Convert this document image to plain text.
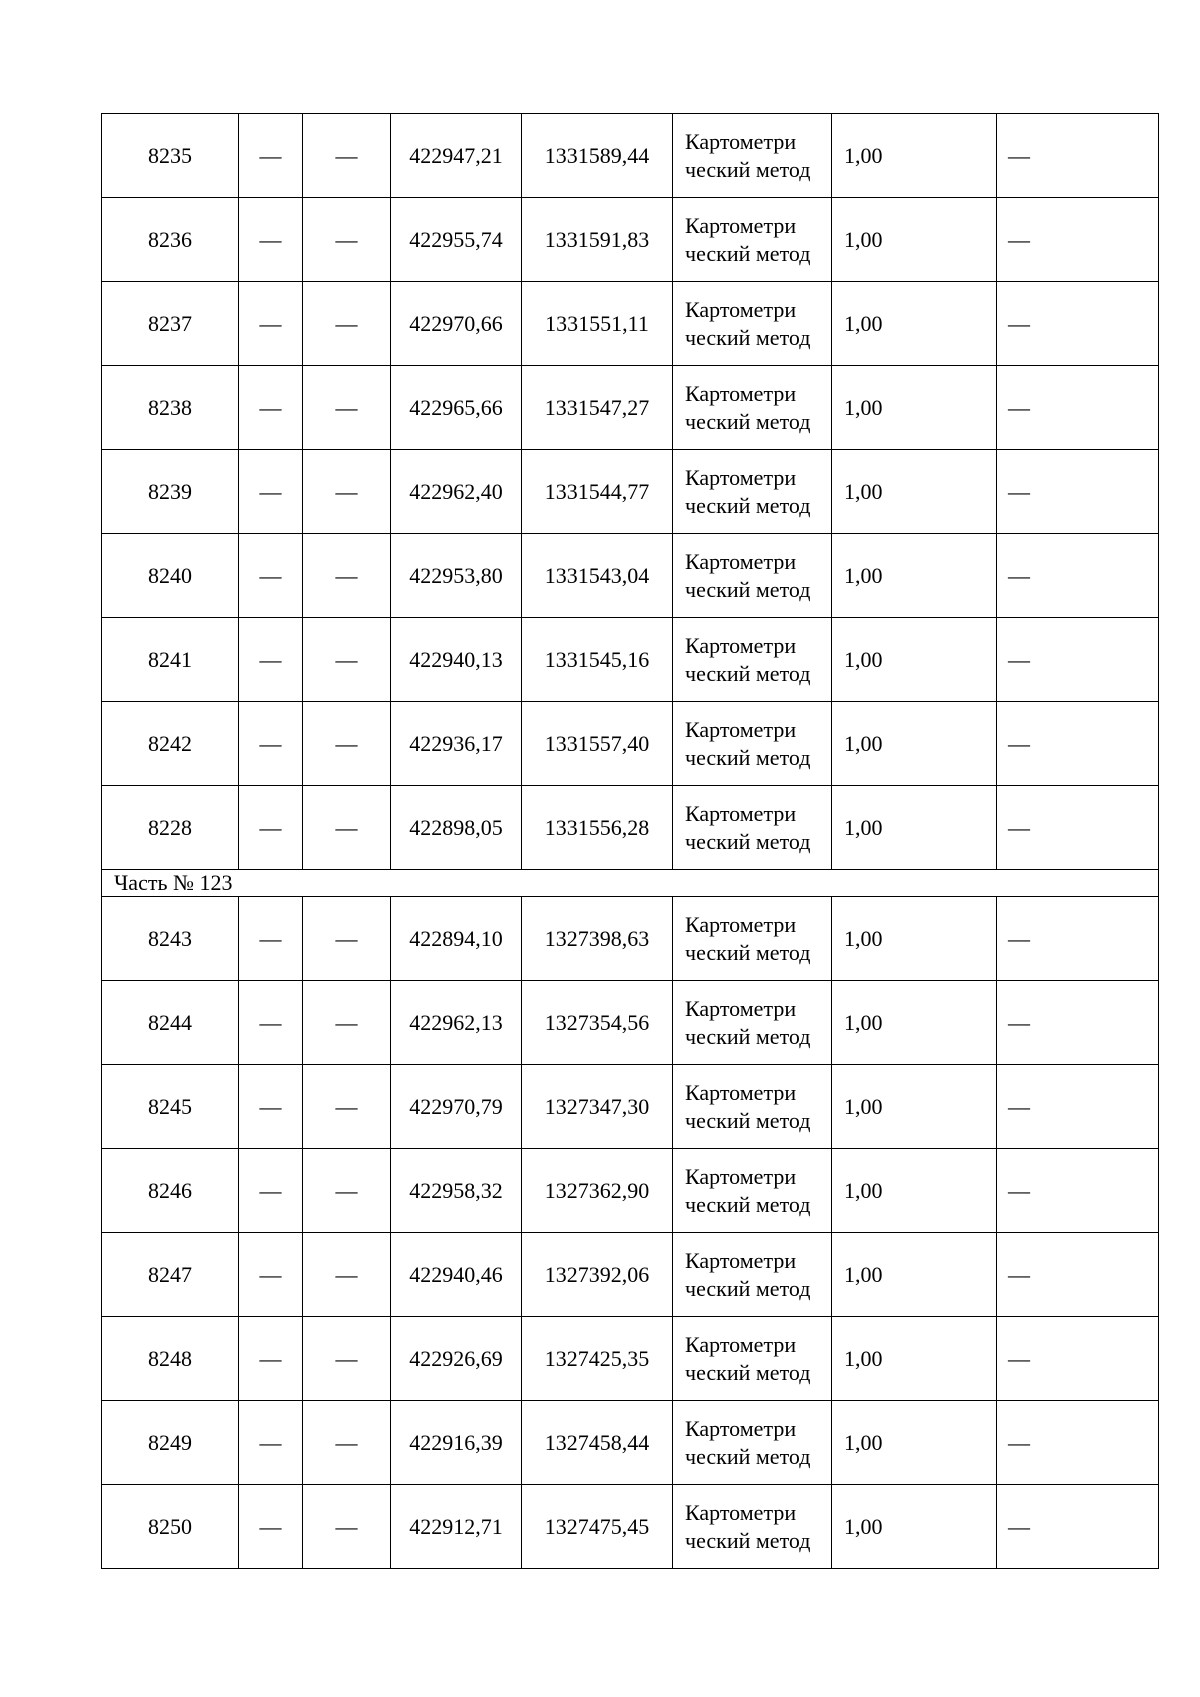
8235	—	—	422947,21	1331589,44	Картометри ческий метод	1,00	—
8236	—	—	422955,74	1331591,83	Картометри ческий метод	1,00	—
8237	—	—	422970,66	1331551,11	Картометри ческий метод	1,00	—
8238	—	—	422965,66	1331547,27	Картометри ческий метод	1,00	—
8239	—	—	422962,40	1331544,77	Картометри ческий метод	1,00	—
8240	—	—	422953,80	1331543,04	Картометри ческий метод	1,00	—
8241	—	—	422940,13	1331545,16	Картометри ческий метод	1,00	—
8242	—	—	422936,17	1331557,40	Картометри ческий метод	1,00	—
8228	—	—	422898,05	1331556,28	Картометри ческий метод	1,00	—
Часть № 123							
8243	—	—	422894,10	1327398,63	Картометри ческий метод	1,00	—
8244	—	—	422962,13	1327354,56	Картометри ческий метод	1,00	—
8245	—	—	422970,79	1327347,30	Картометри ческий метод	1,00	—
8246	—	—	422958,32	1327362,90	Картометри ческий метод	1,00	—
8247	—	—	422940,46	1327392,06	Картометри ческий метод	1,00	—
8248	—	—	422926,69	1327425,35	Картометри ческий метод	1,00	—
8249	—	—	422916,39	1327458,44	Картометри ческий метод	1,00	—
8250	—	—	422912,71	1327475,45	Картометри ческий метод	1,00	—
